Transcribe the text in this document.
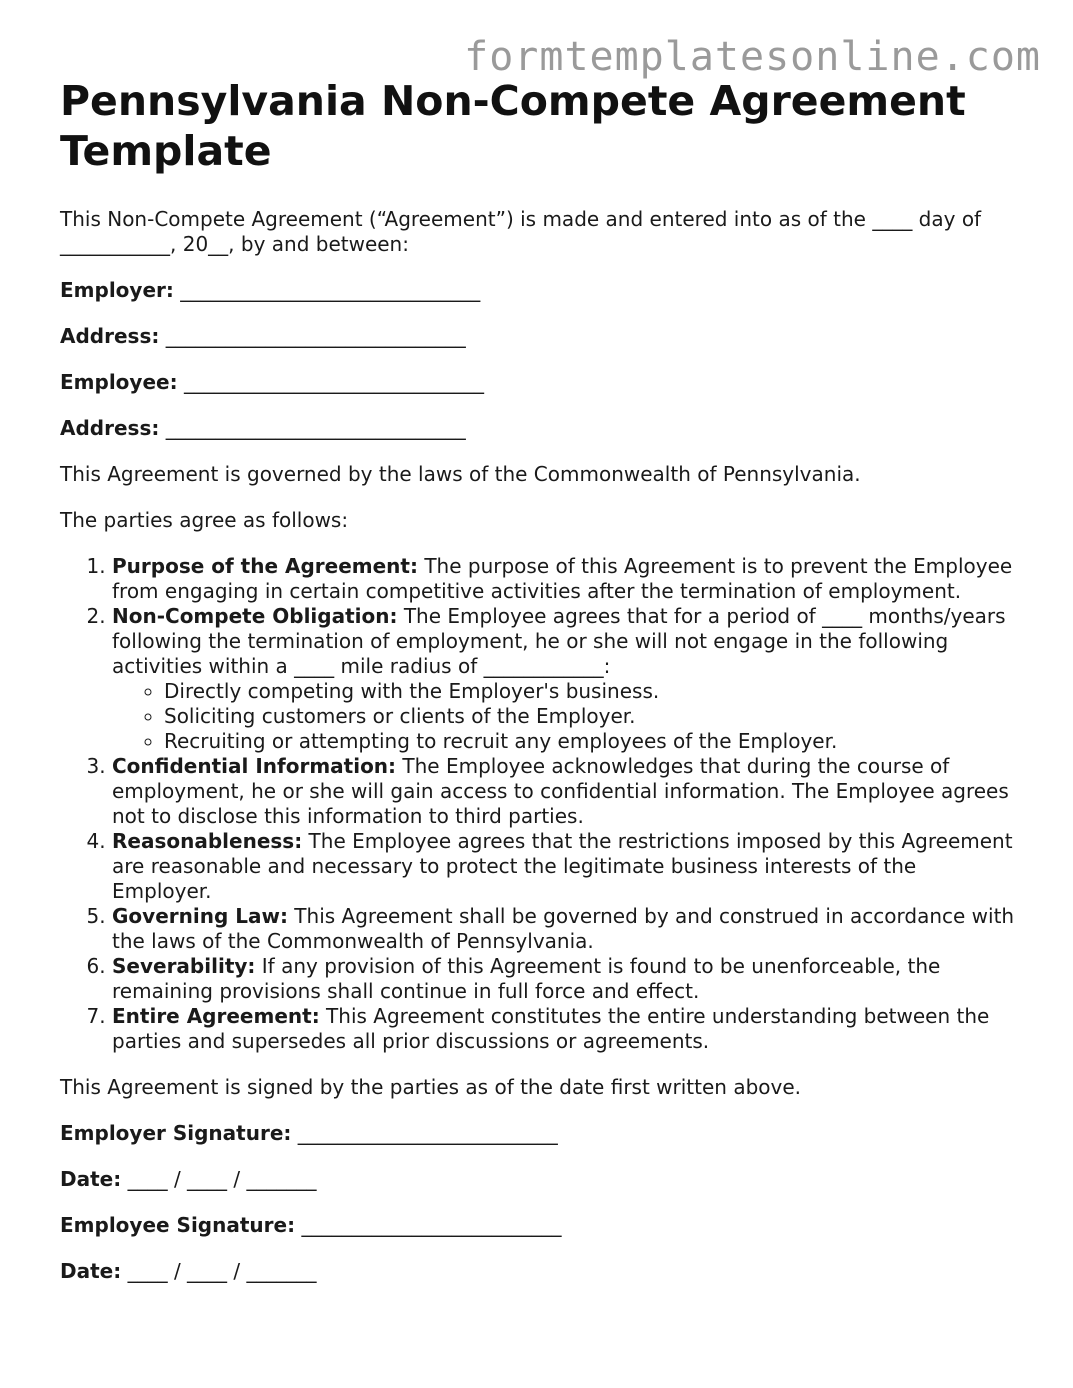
formtemplatesonline.com
Pennsylvania Non-Compete Agreement Template

This Non-Compete Agreement (“Agreement”) is made and entered into as of the ____ day of ___________, 20__, by and between:

Employer: ______________________________

Address: ______________________________

Employee: ______________________________

Address: ______________________________

This Agreement is governed by the laws of the Commonwealth of Pennsylvania.

The parties agree as follows:

1. Purpose of the Agreement: The purpose of this Agreement is to prevent the Employee from engaging in certain competitive activities after the termination of employment.
2. Non-Compete Obligation: The Employee agrees that for a period of ____ months/years following the termination of employment, he or she will not engage in the following activities within a ____ mile radius of ____________:
◦ Directly competing with the Employer's business.
◦ Soliciting customers or clients of the Employer.
◦ Recruiting or attempting to recruit any employees of the Employer.
3. Confidential Information: The Employee acknowledges that during the course of employment, he or she will gain access to confidential information. The Employee agrees not to disclose this information to third parties.
4. Reasonableness: The Employee agrees that the restrictions imposed by this Agreement are reasonable and necessary to protect the legitimate business interests of the Employer.
5. Governing Law: This Agreement shall be governed by and construed in accordance with the laws of the Commonwealth of Pennsylvania.
6. Severability: If any provision of this Agreement is found to be unenforceable, the remaining provisions shall continue in full force and effect.
7. Entire Agreement: This Agreement constitutes the entire understanding between the parties and supersedes all prior discussions or agreements.

This Agreement is signed by the parties as of the date first written above.

Employer Signature: __________________________

Date: ____ / ____ / _______

Employee Signature: __________________________

Date: ____ / ____ / _______
